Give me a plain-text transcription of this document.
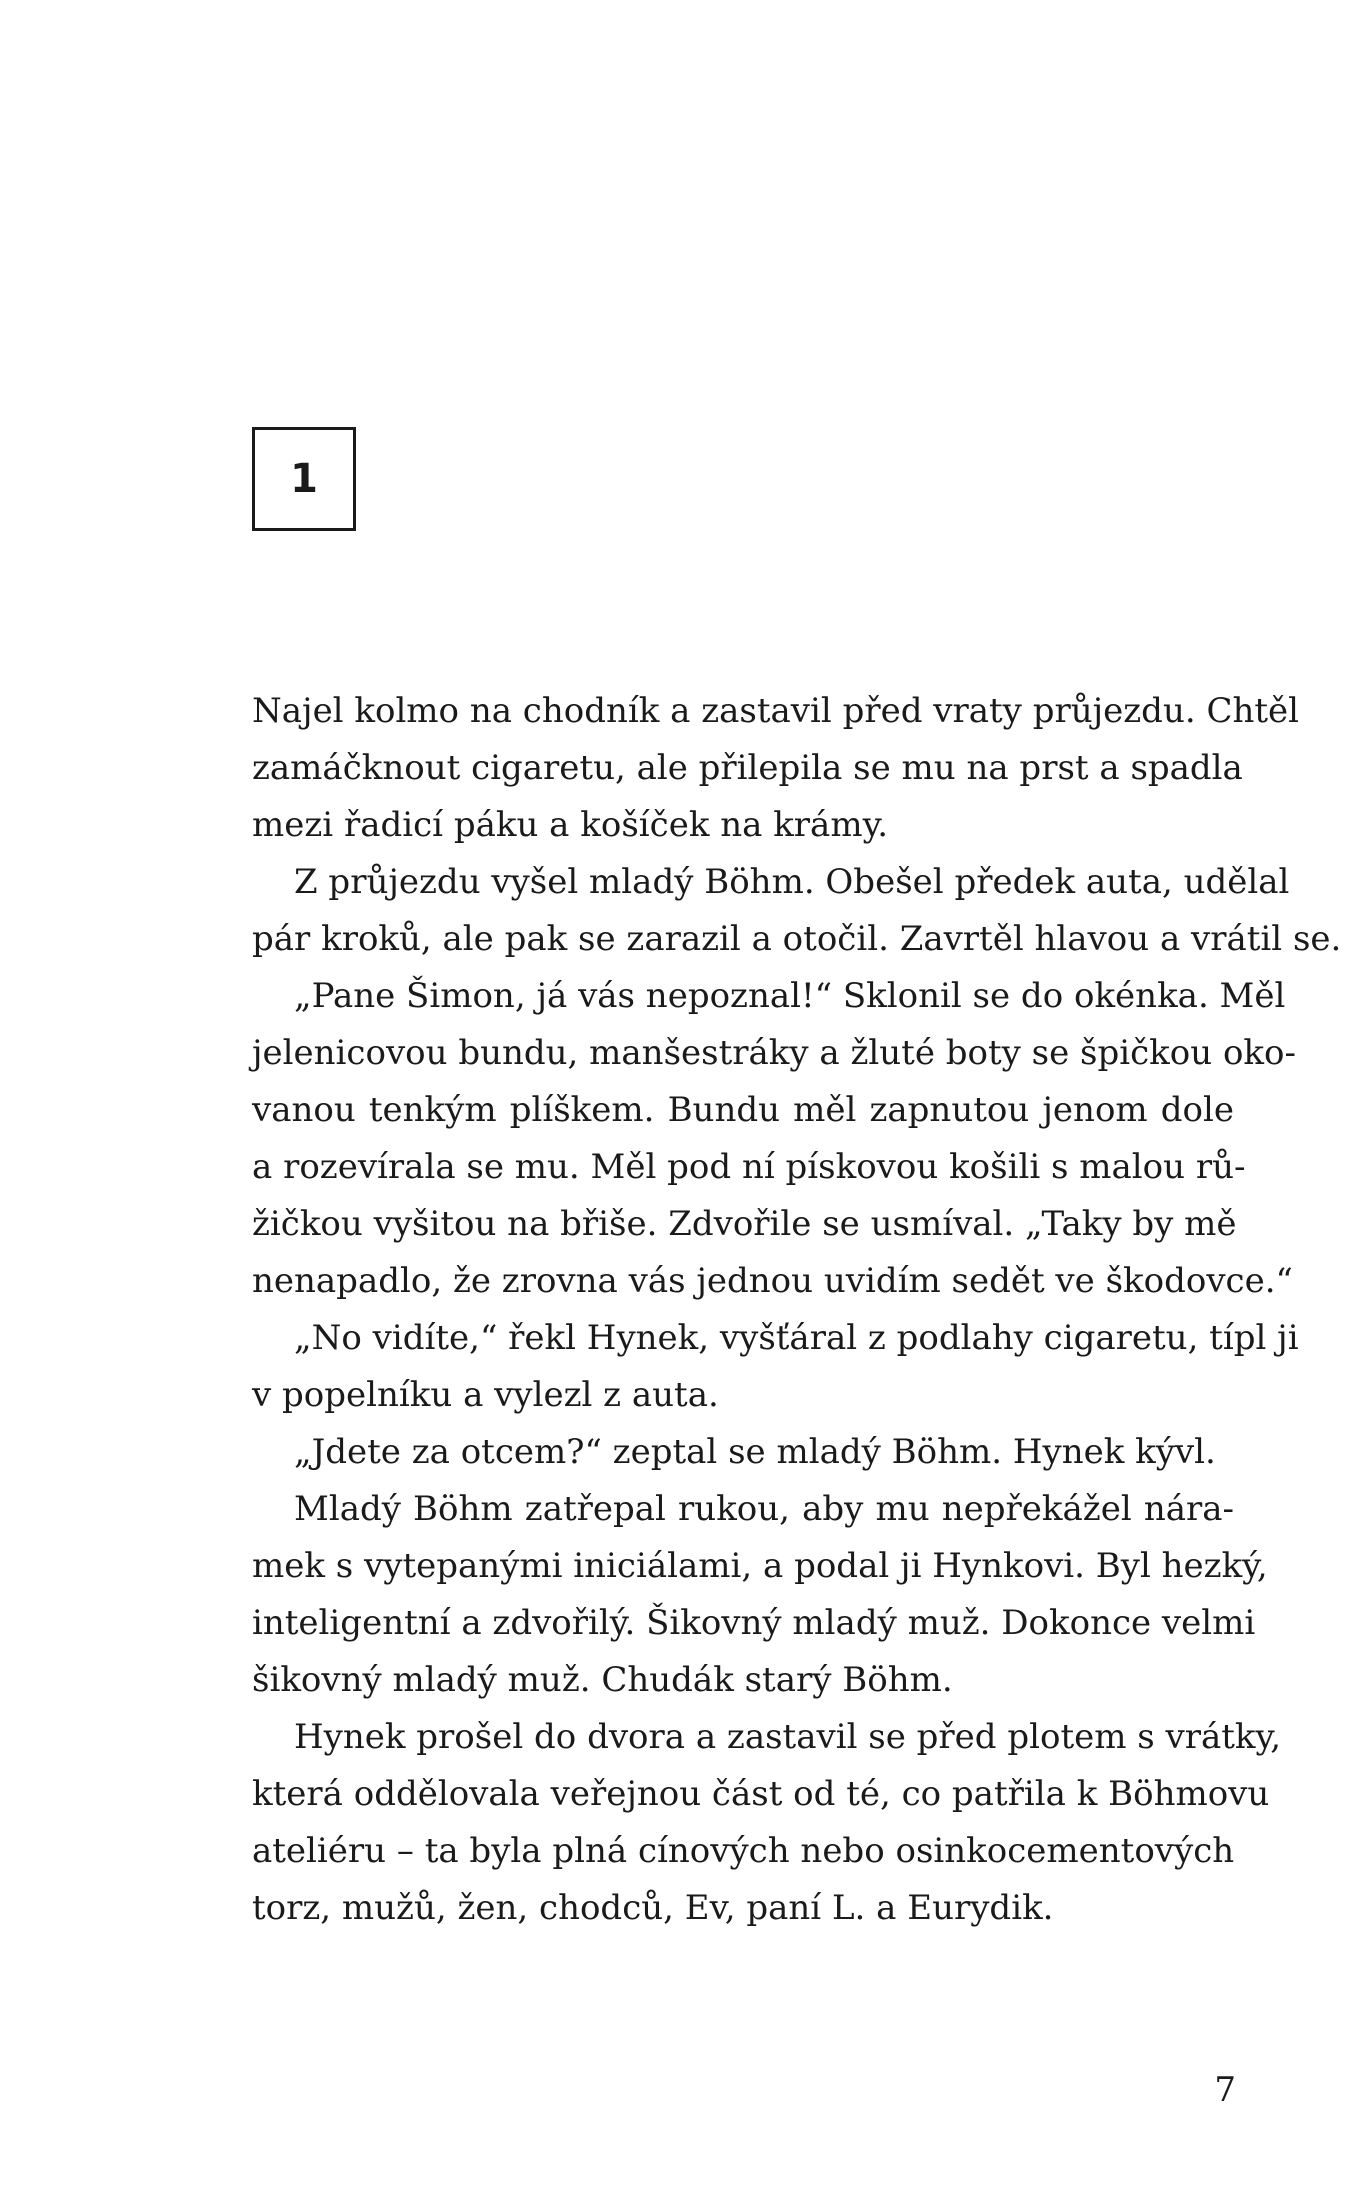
1
Najel kolmo na chodník a zastavil před vraty průjezdu. Chtěl
zamáčknout cigaretu, ale přilepila se mu na prst a spadla
mezi řadicí páku a košíček na krámy.
Z průjezdu vyšel mladý Böhm. Obešel předek auta, udělal
pár kroků, ale pak se zarazil a otočil. Zavrtěl hlavou a vrátil se.
„Pane Šimon, já vás nepoznal!“ Sklonil se do okénka. Měl
jelenicovou bundu, manšestráky a žluté boty se špičkou oko-
vanou tenkým plíškem. Bundu měl zapnutou jenom dole
a rozevírala se mu. Měl pod ní pískovou košili s malou rů-
žičkou vyšitou na břiše. Zdvořile se usmíval. „Taky by mě
nenapadlo, že zrovna vás jednou uvidím sedět ve škodovce.“
„No vidíte,“ řekl Hynek, vyšťáral z podlahy cigaretu, típl ji
v popelníku a vylezl z auta.
„Jdete za otcem?“ zeptal se mladý Böhm. Hynek kývl.
Mladý Böhm zatřepal rukou, aby mu nepřekážel nára-
mek s vytepanými iniciálami, a podal ji Hynkovi. Byl hezký,
inteligentní a zdvořilý. Šikovný mladý muž. Dokonce velmi
šikovný mladý muž. Chudák starý Böhm.
Hynek prošel do dvora a zastavil se před plotem s vrátky,
která oddělovala veřejnou část od té, co patřila k Böhmovu
ateliéru – ta byla plná cínových nebo osinkocementových
torz, mužů, žen, chodců, Ev, paní L. a Eurydik.
7
